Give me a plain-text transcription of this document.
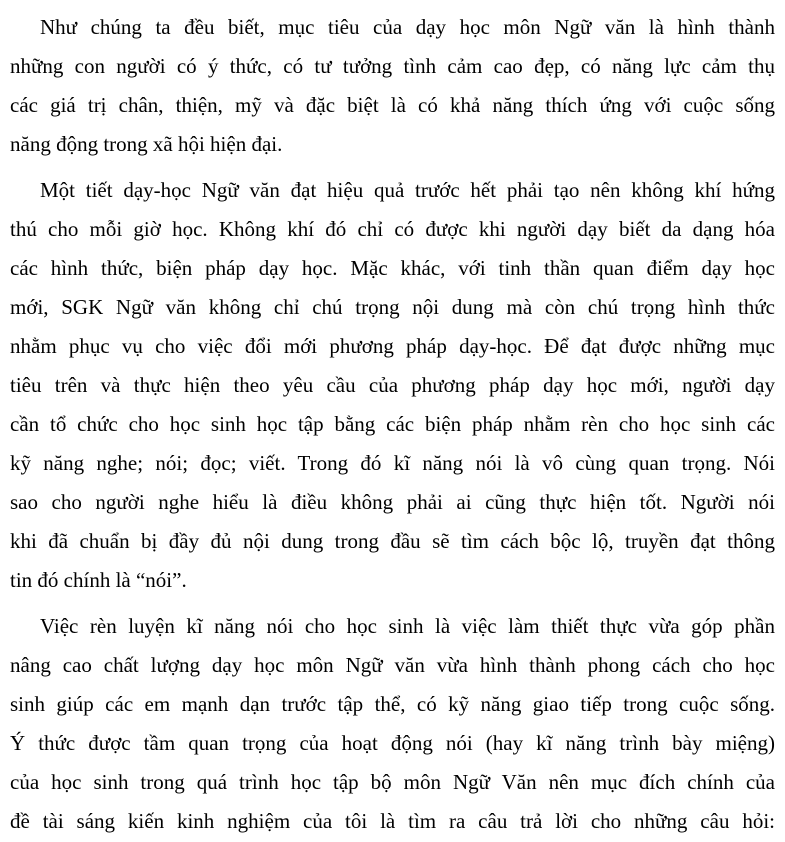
Như chúng ta đều biết, mục tiêu của dạy học môn Ngữ văn là hình thành
những con người có ý thức, có tư tưởng tình cảm cao đẹp, có năng lực cảm thụ
các giá trị chân, thiện, mỹ và đặc biệt là có khả năng thích ứng với cuộc sống
năng động trong xã hội hiện đại.
Một tiết dạy-học Ngữ văn đạt hiệu quả trước hết phải tạo nên không khí hứng
thú cho mỗi giờ học. Không khí đó chỉ có được khi người dạy biết da dạng hóa
các hình thức, biện pháp dạy học. Mặc khác, với tinh thần quan điểm dạy học
mới, SGK Ngữ văn không chỉ chú trọng nội dung mà còn chú trọng hình thức
nhằm phục vụ cho việc đổi mới phương pháp dạy-học. Để đạt được những mục
tiêu trên và thực hiện theo yêu cầu của phương pháp dạy học mới, người dạy
cần tổ chức cho học sinh học tập bằng các biện pháp nhằm rèn cho học sinh các
kỹ năng nghe; nói; đọc; viết. Trong đó kĩ năng nói là vô cùng quan trọng. Nói
sao cho người nghe hiểu là điều không phải ai cũng thực hiện tốt. Người nói
khi đã chuẩn bị đầy đủ nội dung trong đầu sẽ tìm cách bộc lộ, truyền đạt thông
tin đó chính là “nói”.
Việc rèn luyện kĩ năng nói cho học sinh là việc làm thiết thực vừa góp phần
nâng cao chất lượng dạy học môn Ngữ văn vừa hình thành phong cách cho học
sinh giúp các em mạnh dạn trước tập thể, có kỹ năng giao tiếp trong cuộc sống.
Ý thức được tầm quan trọng của hoạt động nói (hay kĩ năng trình bày miệng)
của học sinh trong quá trình học tập bộ môn Ngữ Văn nên mục đích chính của
đề tài sáng kiến kinh nghiệm của tôi là tìm ra câu trả lời cho những câu hỏi:
